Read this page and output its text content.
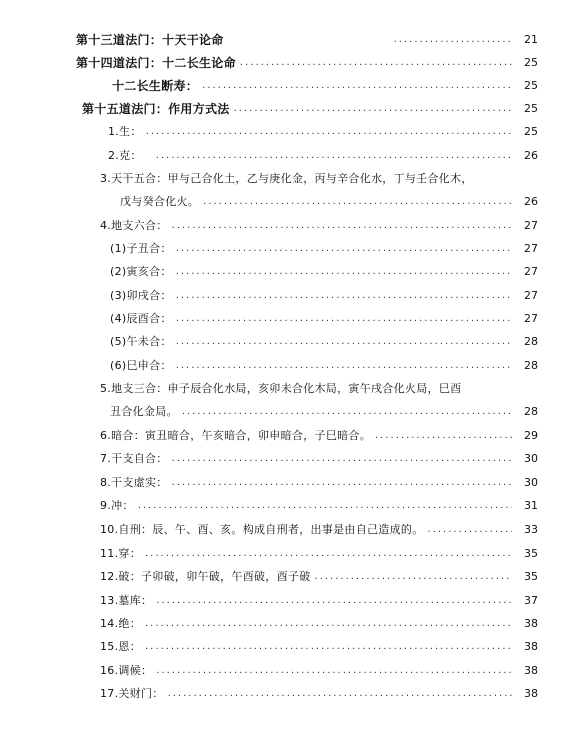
第十三道法门：十天干论命 .....	21
第十四道法门：十二长生论命 .....	25
十二长生断寿： .....	25
第十五道法门：作用方式法 .....	25
1.生： .....	25
2.克： .....	26
3.天干五合：甲与己合化土，乙与庚化金，丙与辛合化水，丁与壬合化木，
戊与癸合化火。 .....	26
4.地支六合： .....	27
(1)子丑合： .....	27
(2)寅亥合： .....	27
(3)卯戌合： .....	27
(4)辰酉合： .....	27
(5)午未合： .....	28
(6)巳申合： .....	28
5.地支三合：申子辰合化水局，亥卯未合化木局，寅午戌合化火局，巳酉
丑合化金局。 .....	28
6.暗合：寅丑暗合，午亥暗合，卯申暗合，子巳暗合。 .....	29
7.干支自合： .....	30
8.干支虚实： .....	30
9.冲： .....	31
10.自刑：辰、午、酉、亥。构成自刑者，出事是由自己造成的。 .....	33
11.穿： .....	35
12.破：子卯破，卯午破，午酉破，酉子破 .....	35
13.墓库： .....	37
14.绝： .....	38
15.恩： .....	38
16.调候： .....	38
17.关财门： .....	38
